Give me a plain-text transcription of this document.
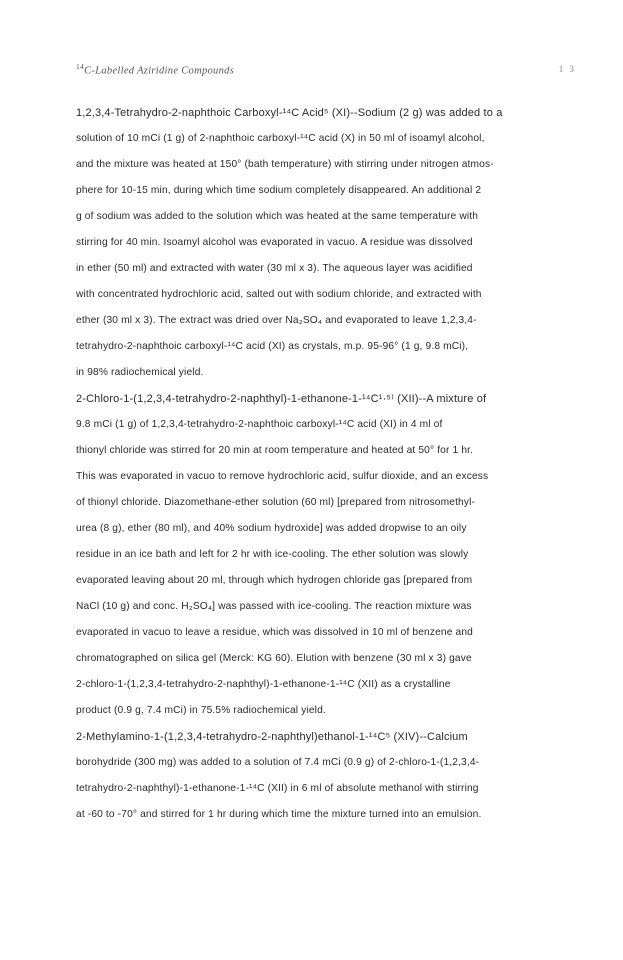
$^{14}$C-Labelled Aziridine Compounds	1 3
1,2,3,4-Tetrahydro-2-naphthoic Carboxyl-¹⁴C Acid⁵ (XI)--Sodium (2 g) was added to a
solution of 10 mCi (1 g) of 2-naphthoic carboxyl-¹⁴C acid (X) in 50 ml of isoamyl alcohol,
and the mixture was heated at 150° (bath temperature) with stirring under nitrogen atmos-
phere for 10-15 min, during which time sodium completely disappeared. An additional 2
g of sodium was added to the solution which was heated at the same temperature with
stirring for 40 min. Isoamyl alcohol was evaporated in vacuo. A residue was dissolved
in ether (50 ml) and extracted with water (30 ml x 3). The aqueous layer was acidified
with concentrated hydrochloric acid, salted out with sodium chloride, and extracted with
ether (30 ml x 3). The extract was dried over Na₂SO₄ and evaporated to leave 1,2,3,4-
tetrahydro-2-naphthoic carboxyl-¹⁴C acid (XI) as crystals, m.p. 95-96° (1 g, 9.8 mCi),
in 98% radiochemical yield.
2-Chloro-1-(1,2,3,4-tetrahydro-2-naphthyl)-1-ethanone-1-¹⁴C¹·⁵⁾ (XII)--A mixture of
9.8 mCi (1 g) of 1,2,3,4-tetrahydro-2-naphthoic carboxyl-¹⁴C acid (XI) in 4 ml of
thionyl chloride was stirred for 20 min at room temperature and heated at 50° for 1 hr.
This was evaporated in vacuo to remove hydrochloric acid, sulfur dioxide, and an excess
of thionyl chloride. Diazomethane-ether solution (60 ml) [prepared from nitrosomethyl-
urea (8 g), ether (80 ml), and 40% sodium hydroxide] was added dropwise to an oily
residue in an ice bath and left for 2 hr with ice-cooling. The ether solution was slowly
evaporated leaving about 20 ml, through which hydrogen chloride gas [prepared from
NaCl (10 g) and conc. H₂SO₄] was passed with ice-cooling. The reaction mixture was
evaporated in vacuo to leave a residue, which was dissolved in 10 ml of benzene and
chromatographed on silica gel (Merck: KG 60). Elution with benzene (30 ml x 3) gave
2-chloro-1-(1,2,3,4-tetrahydro-2-naphthyl)-1-ethanone-1-¹⁴C (XII) as a crystalline
product (0.9 g, 7.4 mCi) in 75.5% radiochemical yield.
2-Methylamino-1-(1,2,3,4-tetrahydro-2-naphthyl)ethanol-1-¹⁴C⁵ (XIV)--Calcium
borohydride (300 mg) was added to a solution of 7.4 mCi (0.9 g) of 2-chloro-1-(1,2,3,4-
tetrahydro-2-naphthyl)-1-ethanone-1-¹⁴C (XII) in 6 ml of absolute methanol with stirring
at -60 to -70° and stirred for 1 hr during which time the mixture turned into an emulsion.
